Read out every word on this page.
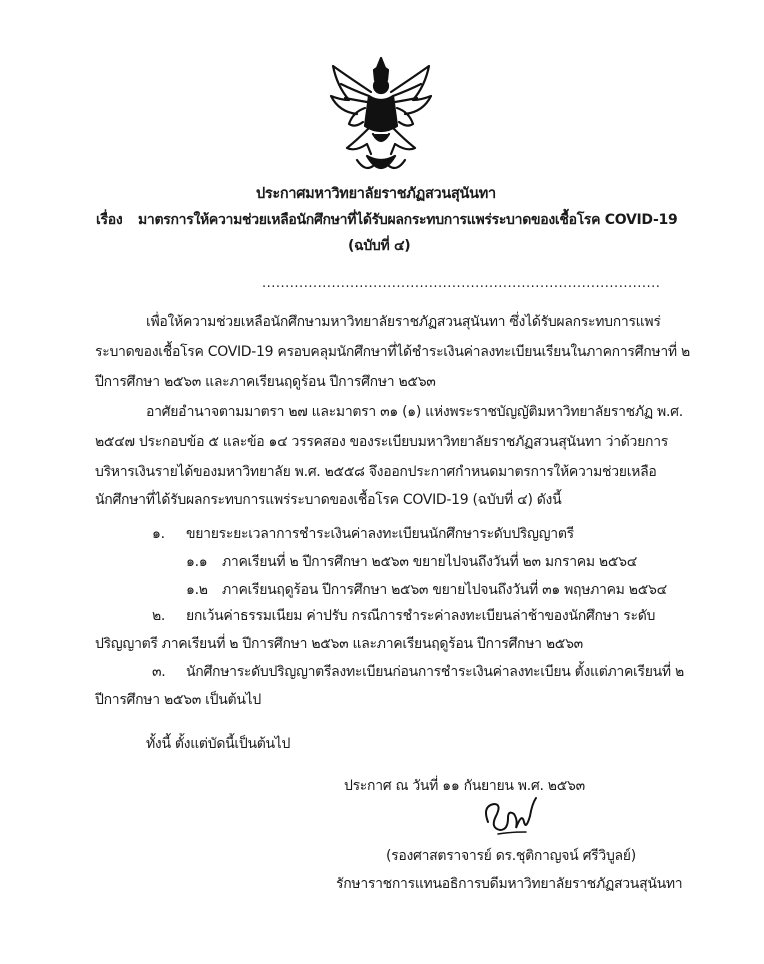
ประกาศมหาวิทยาลัยราชภัฏสวนสุนันทา
เรื่อง มาตรการให้ความช่วยเหลือนักศึกษาที่ได้รับผลกระทบการแพร่ระบาดของเชื้อโรค COVID-19
(ฉบับที่ ๔)
......................................................................................
เพื่อให้ความช่วยเหลือนักศึกษามหาวิทยาลัยราชภัฏสวนสุนันทา ซึ่งได้รับผลกระทบการแพร่
ระบาดของเชื้อโรค COVID-19 ครอบคลุมนักศึกษาที่ได้ชำระเงินค่าลงทะเบียนเรียนในภาคการศึกษาที่ ๒
ปีการศึกษา ๒๕๖๓ และภาคเรียนฤดูร้อน ปีการศึกษา ๒๕๖๓
อาศัยอำนาจตามมาตรา ๒๗ และมาตรา ๓๑ (๑) แห่งพระราชบัญญัติมหาวิทยาลัยราชภัฏ พ.ศ.
๒๕๔๗ ประกอบข้อ ๕ และข้อ ๑๔ วรรคสอง ของระเบียบมหาวิทยาลัยราชภัฏสวนสุนันทา ว่าด้วยการ
บริหารเงินรายได้ของมหาวิทยาลัย พ.ศ. ๒๕๕๘ จึงออกประกาศกำหนดมาตรการให้ความช่วยเหลือ
นักศึกษาที่ได้รับผลกระทบการแพร่ระบาดของเชื้อโรค COVID-19 (ฉบับที่ ๔) ดังนี้
๑. ขยายระยะเวลาการชำระเงินค่าลงทะเบียนนักศึกษาระดับปริญญาตรี
๑.๑ ภาคเรียนที่ ๒ ปีการศึกษา ๒๕๖๓ ขยายไปจนถึงวันที่ ๒๓ มกราคม ๒๕๖๔
๑.๒ ภาคเรียนฤดูร้อน ปีการศึกษา ๒๕๖๓ ขยายไปจนถึงวันที่ ๓๑ พฤษภาคม ๒๕๖๔
๒. ยกเว้นค่าธรรมเนียม ค่าปรับ กรณีการชำระค่าลงทะเบียนล่าช้าของนักศึกษา ระดับ
ปริญญาตรี ภาคเรียนที่ ๒ ปีการศึกษา ๒๕๖๓ และภาคเรียนฤดูร้อน ปีการศึกษา ๒๕๖๓
๓. นักศึกษาระดับปริญญาตรีลงทะเบียนก่อนการชำระเงินค่าลงทะเบียน ตั้งแต่ภาคเรียนที่ ๒
ปีการศึกษา ๒๕๖๓ เป็นต้นไป
ทั้งนี้ ตั้งแต่บัดนี้เป็นต้นไป
ประกาศ ณ วันที่ ๑๑ กันยายน พ.ศ. ๒๕๖๓
(รองศาสตราจารย์ ดร.ชุติกาญจน์ ศรีวิบูลย์)
รักษาราชการแทนอธิการบดีมหาวิทยาลัยราชภัฏสวนสุนันทา
